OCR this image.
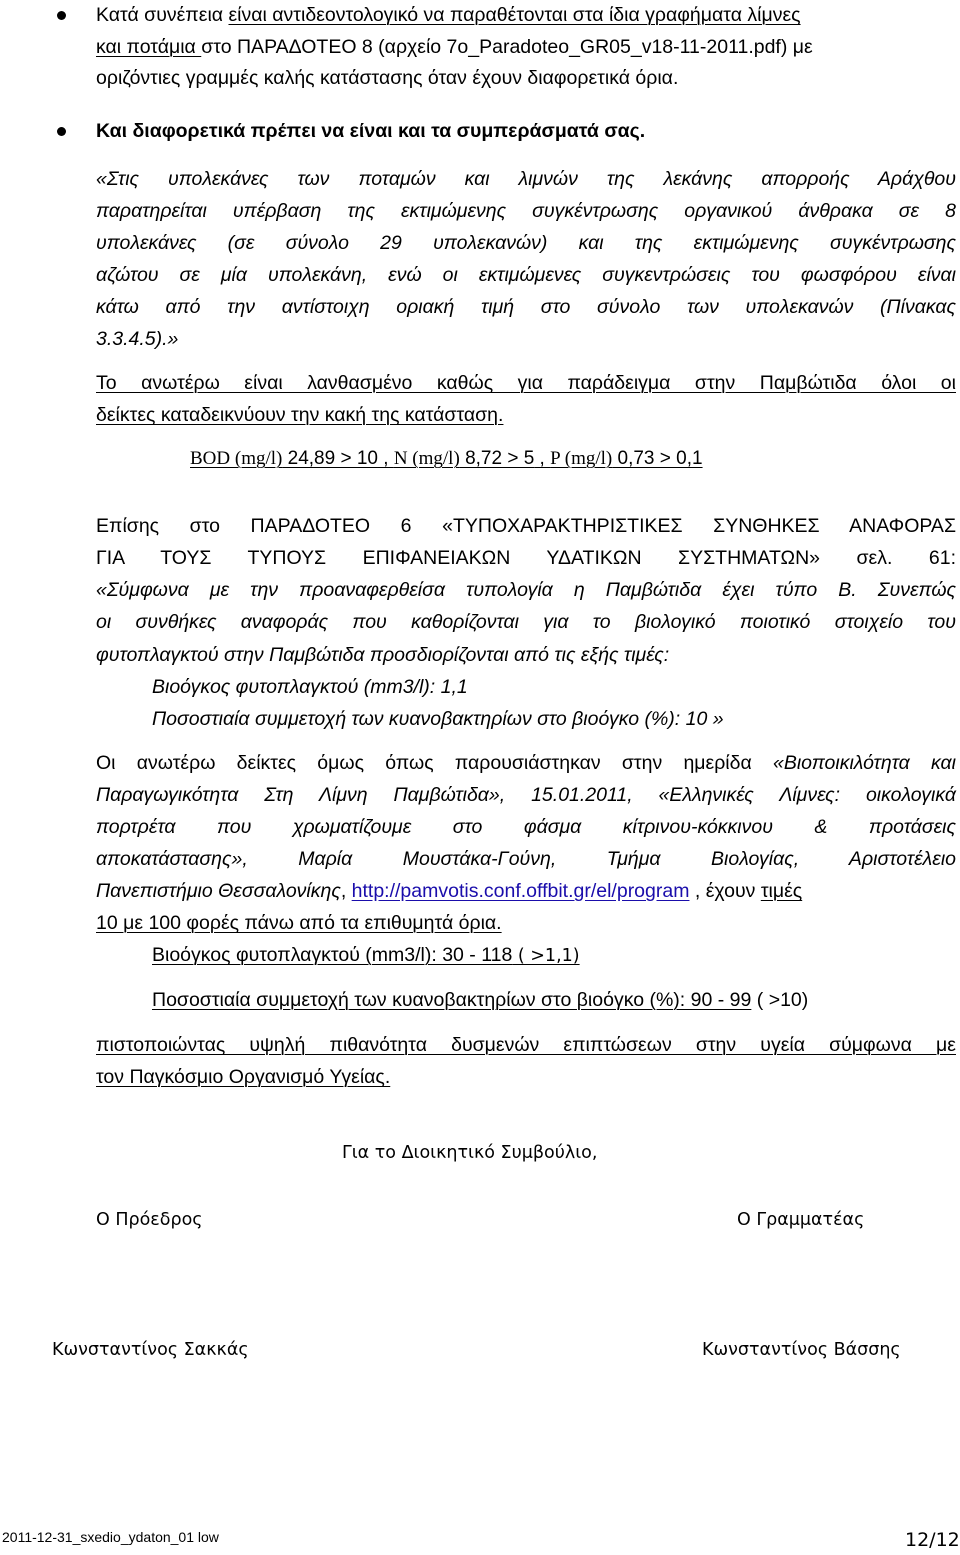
Κατά συνέπεια είναι αντιδεοντολογικό να παραθέτονται στα ίδια γραφήματα λίμνες
και ποτάμια στο ΠΑΡΑΔΟΤΕΟ 8 (αρχείο 7ο_Paradoteo_GR05_v18-11-2011.pdf) με
οριζόντιες γραμμές καλής κατάστασης όταν έχουν διαφορετικά όρια.
Και διαφορετικά πρέπει να είναι και τα συμπεράσματά σας.
«Στις υπολεκάνες των ποταμών και λιμνών της λεκάνης απορροής Αράχθου
παρατηρείται υπέρβαση της εκτιμώμενης συγκέντρωσης οργανικού άνθρακα σε 8
υπολεκάνες (σε σύνολο 29 υπολεκανών) και της εκτιμώμενης συγκέντρωσης
αζώτου σε μία υπολεκάνη, ενώ οι εκτιμώμενες συγκεντρώσεις του φωσφόρου είναι
κάτω από την αντίστοιχη οριακή τιμή στο σύνολο των υπολεκανών (Πίνακας
3.3.4.5).»
Το ανωτέρω είναι λανθασμένο καθώς για παράδειγμα στην Παμβώτιδα όλοι οι
δείκτες καταδεικνύουν την κακή της κατάσταση.
BOD (mg/l) 24,89 > 10 , N (mg/l) 8,72 > 5 , P (mg/l) 0,73 > 0,1
Επίσης στο ΠΑΡΑΔΟΤΕΟ 6 «ΤΥΠΟΧΑΡΑΚΤΗΡΙΣΤΙΚΕΣ ΣΥΝΘΗΚΕΣ ΑΝΑΦΟΡΑΣ
ΓΙΑ ΤΟΥΣ ΤΥΠΟΥΣ ΕΠΙΦΑΝΕΙΑΚΩΝ ΥΔΑΤΙΚΩΝ ΣΥΣΤΗΜΑΤΩΝ» σελ. 61:
«Σύμφωνα με την προαναφερθείσα τυπολογία η Παμβώτιδα έχει τύπο Β. Συνεπώς
οι συνθήκες αναφοράς που καθορίζονται για το βιολογικό ποιοτικό στοιχείο του
φυτοπλαγκτού στην Παμβώτιδα προσδιορίζονται από τις εξής τιμές:
Βιοόγκος φυτοπλαγκτού (mm3/l): 1,1
Ποσοστιαία συμμετοχή των κυανοβακτηρίων στο βιοόγκο (%): 10 »
Οι ανωτέρω δείκτες όμως όπως παρουσιάστηκαν στην ημερίδα «Βιοποικιλότητα και
Παραγωγικότητα Στη Λίμνη Παμβώτιδα», 15.01.2011, «Ελληνικές Λίμνες: οικολογικά
πορτρέτα που χρωματίζουμε στο φάσμα κίτρινου-κόκκινου & προτάσεις
αποκατάστασης», Μαρία Μουστάκα-Γούνη, Τμήμα Βιολογίας, Αριστοτέλειο
Πανεπιστήμιο Θεσσαλονίκης, http://pamvotis.conf.offbit.gr/el/program , έχουν τιμές
10 με 100 φορές πάνω από τα επιθυμητά όρια.
Βιοόγκος φυτοπλαγκτού (mm3/l): 30 - 118 ( >1,1)
Ποσοστιαία συμμετοχή των κυανοβακτηρίων στο βιοόγκο (%): 90 - 99 ( >10)
πιστοποιώντας υψηλή πιθανότητα δυσμενών επιπτώσεων στην υγεία σύμφωνα με
τον Παγκόσμιο Οργανισμό Υγείας.
Για το Διοικητικό Συμβούλιο,
Ο Πρόεδρος	Ο Γραμματέας
Κωνσταντίνος Σακκάς	Κωνσταντίνος Βάσσης
2011-12-31_sxedio_ydaton_01 low	12/12
